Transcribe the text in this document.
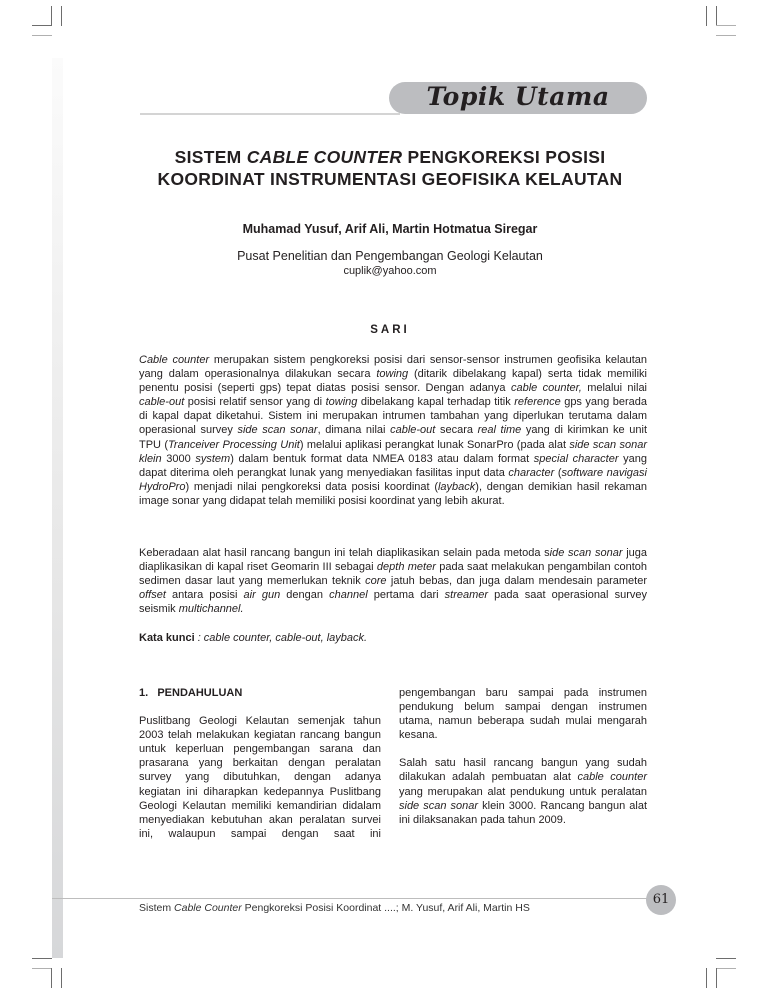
Topik Utama
SISTEM CABLE COUNTER PENGKOREKSI POSISI
KOORDINAT INSTRUMENTASI GEOFISIKA KELAUTAN
Muhamad Yusuf, Arif Ali, Martin Hotmatua Siregar
Pusat Penelitian dan Pengembangan Geologi Kelautan
cuplik@yahoo.com
SARI
Cable counter merupakan sistem pengkoreksi posisi dari sensor-sensor instrumen geofisika kelautan yang dalam operasionalnya dilakukan secara towing (ditarik dibelakang kapal) serta tidak memiliki penentu posisi (seperti gps) tepat diatas posisi sensor. Dengan adanya cable counter, melalui nilai cable-out posisi relatif sensor yang di towing dibelakang kapal terhadap titik reference gps yang berada di kapal dapat diketahui. Sistem ini merupakan intrumen tambahan yang diperlukan terutama dalam operasional survey side scan sonar, dimana nilai cable-out secara real time yang di kirimkan ke unit TPU (Tranceiver Processing Unit) melalui aplikasi perangkat lunak SonarPro (pada alat side scan sonar klein 3000 system) dalam bentuk format data NMEA 0183 atau dalam format special character yang dapat diterima oleh perangkat lunak yang menyediakan fasilitas input data character (software navigasi HydroPro) menjadi nilai pengkoreksi data posisi koordinat (layback), dengan demikian hasil rekaman image sonar yang didapat telah memiliki posisi koordinat yang lebih akurat.
Keberadaan alat hasil rancang bangun ini telah diaplikasikan selain pada metoda side scan sonar juga diaplikasikan di kapal riset Geomarin III sebagai depth meter pada saat melakukan pengambilan contoh sedimen dasar laut yang memerlukan teknik core jatuh bebas, dan juga dalam mendesain parameter offset antara posisi air gun dengan channel pertama dari streamer pada saat operasional survey seismik multichannel.
Kata kunci : cable counter, cable-out, layback.
1.   PENDAHULUAN
Puslitbang Geologi Kelautan semenjak tahun 2003 telah melakukan kegiatan rancang bangun untuk keperluan pengembangan sarana dan prasarana yang berkaitan dengan peralatan survey yang dibutuhkan, dengan adanya kegiatan ini diharapkan kedepannya Puslitbang Geologi Kelautan memiliki kemandirian didalam menyediakan kebutuhan akan peralatan survei ini, walaupun sampai dengan saat ini
pengembangan baru sampai pada instrumen pendukung belum sampai dengan instrumen utama, namun beberapa sudah mulai mengarah kesana.
Salah satu hasil rancang bangun yang sudah dilakukan adalah pembuatan alat cable counter yang merupakan alat pendukung untuk peralatan side scan sonar klein 3000. Rancang bangun alat ini dilaksanakan pada tahun 2009.
Sistem Cable Counter Pengkoreksi Posisi Koordinat ....; M. Yusuf, Arif Ali, Martin HS
61
